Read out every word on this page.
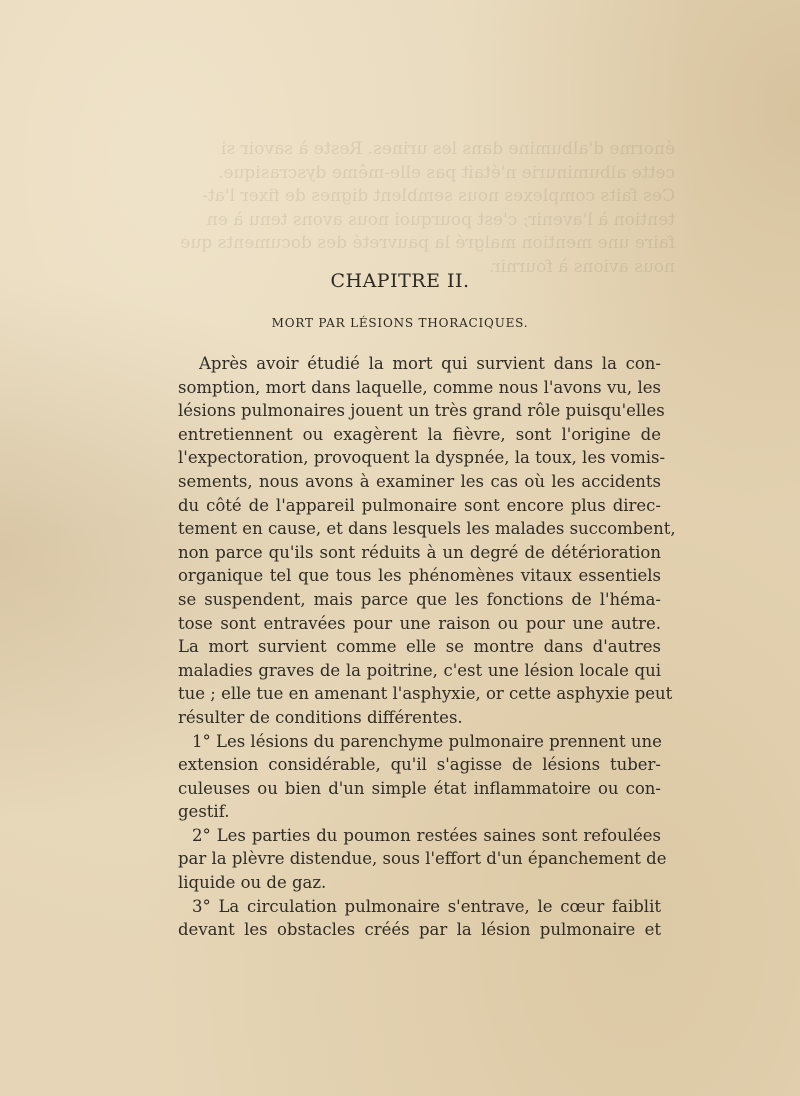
énorme d'albumine dans les urines. Reste à savoir si
cette albuminurie n'était pas elle-même dyscrasique.
Ces faits complexes nous semblent dignes de fixer l'at-
tention à l'avenir; c'est pourquoi nous avons tenu à en
faire une mention malgré la pauvreté des documents que
nous avions à fournir.
CHAPITRE II.
MORT PAR LÉSIONS THORACIQUES.
Après avoir étudié la mort qui survient dans la con-
somption, mort dans laquelle, comme nous l'avons vu, les
lésions pulmonaires jouent un très grand rôle puisqu'elles
entretiennent ou exagèrent la fièvre, sont l'origine de
l'expectoration, provoquent la dyspnée, la toux, les vomis-
sements, nous avons à examiner les cas où les accidents
du côté de l'appareil pulmonaire sont encore plus direc-
tement en cause, et dans lesquels les malades succombent,
non parce qu'ils sont réduits à un degré de détérioration
organique tel que tous les phénomènes vitaux essentiels
se suspendent, mais parce que les fonctions de l'héma-
tose sont entravées pour une raison ou pour une autre.
La mort survient comme elle se montre dans d'autres
maladies graves de la poitrine, c'est une lésion locale qui
tue ; elle tue en amenant l'asphyxie, or cette asphyxie peut
résulter de conditions différentes.
1° Les lésions du parenchyme pulmonaire prennent une
extension considérable, qu'il s'agisse de lésions tuber-
culeuses ou bien d'un simple état inflammatoire ou con-
gestif.
2° Les parties du poumon restées saines sont refoulées
par la plèvre distendue, sous l'effort d'un épanchement de
liquide ou de gaz.
3° La circulation pulmonaire s'entrave, le cœur faiblit
devant les obstacles créés par la lésion pulmonaire et
